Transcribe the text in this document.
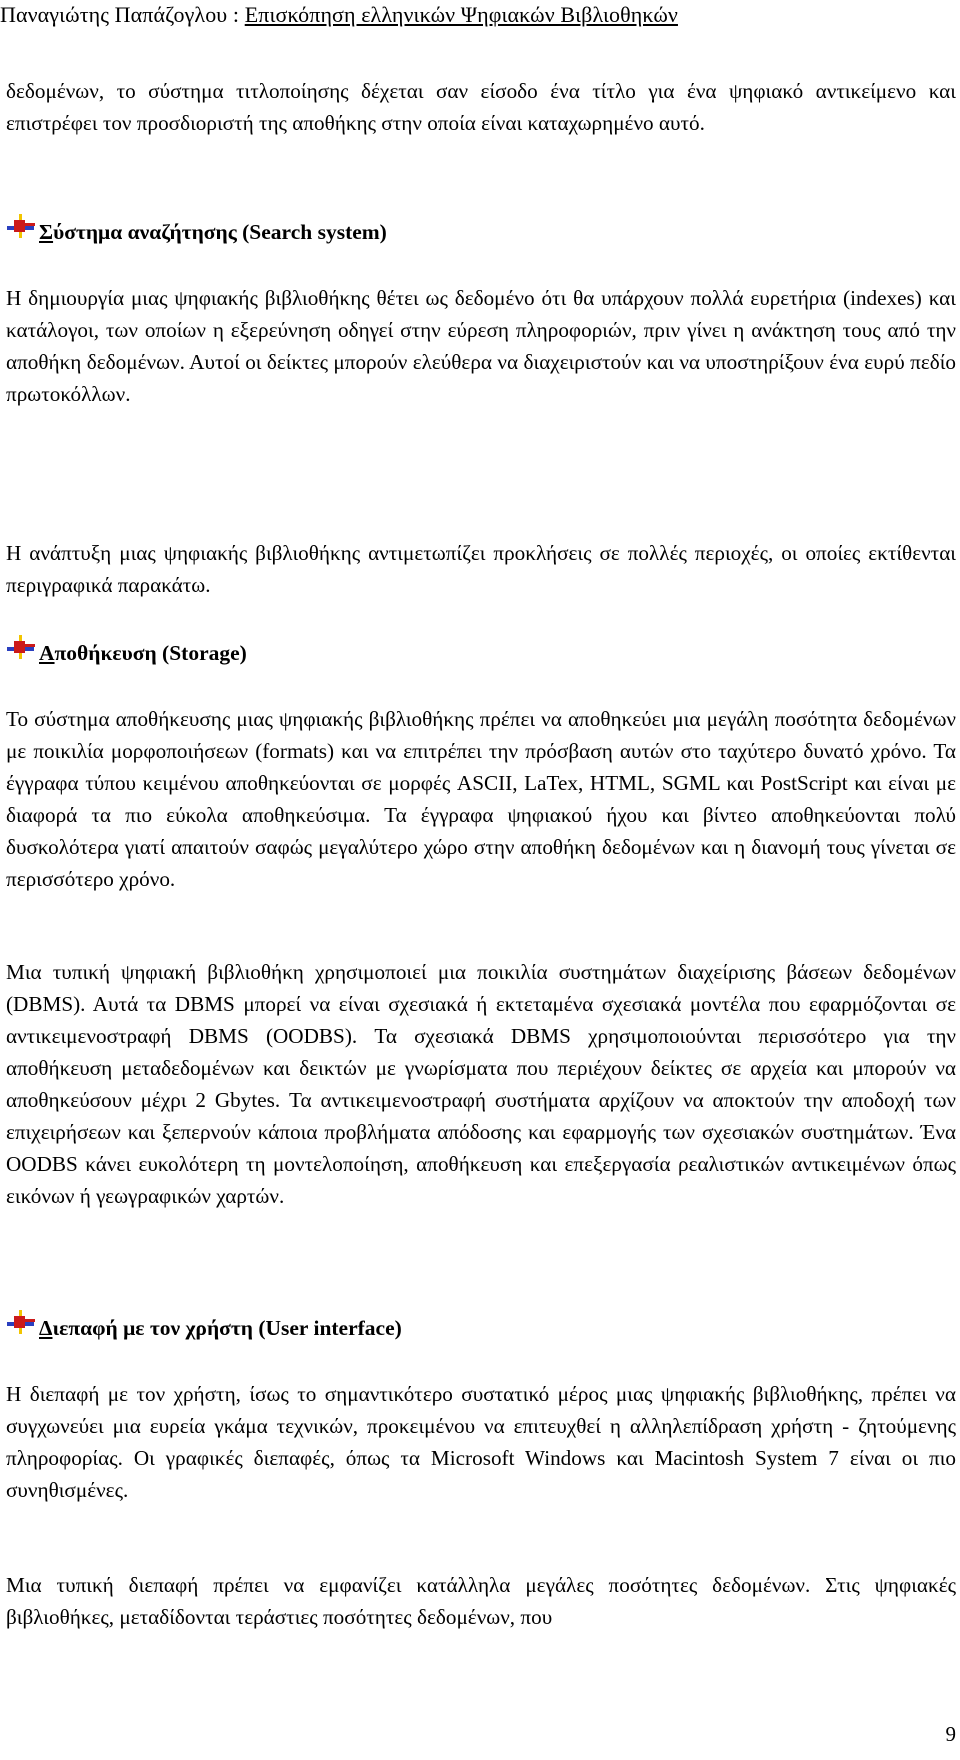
Παναγιώτης Παπάζογλου : Επισκόπηση ελληνικών Ψηφιακών Βιβλιοθηκών

δεδομένων, το σύστημα τιτλοποίησης δέχεται σαν είσοδο ένα τίτλο για ένα ψηφιακό αντικείμενο και επιστρέφει τον προσδιοριστή της αποθήκης στην οποία είναι καταχωρημένο αυτό.

Σύστημα αναζήτησης (Search system)

Η δημιουργία μιας ψηφιακής βιβλιοθήκης θέτει ως δεδομένο ότι θα υπάρχουν πολλά ευρετήρια (indexes) και κατάλογοι, των οποίων η εξερεύνηση οδηγεί στην εύρεση πληροφοριών, πριν γίνει η ανάκτηση τους από την αποθήκη δεδομένων. Αυτοί οι δείκτες μπορούν ελεύθερα να διαχειριστούν και να υποστηρίξουν ένα ευρύ πεδίο πρωτοκόλλων.

Η ανάπτυξη μιας ψηφιακής βιβλιοθήκης αντιμετωπίζει προκλήσεις σε πολλές περιοχές, οι οποίες εκτίθενται περιγραφικά παρακάτω.

Αποθήκευση (Storage)

Το σύστημα αποθήκευσης μιας ψηφιακής βιβλιοθήκης πρέπει να αποθηκεύει μια μεγάλη ποσότητα δεδομένων με ποικιλία μορφοποιήσεων (formats) και να επιτρέπει την πρόσβαση αυτών στο ταχύτερο δυνατό χρόνο. Τα έγγραφα τύπου κειμένου αποθηκεύονται σε μορφές ASCII, LaTex, HTML, SGML και PostScript και είναι με διαφορά τα πιο εύκολα αποθηκεύσιμα. Τα έγγραφα ψηφιακού ήχου και βίντεο αποθηκεύονται πολύ δυσκολότερα γιατί απαιτούν σαφώς μεγαλύτερο χώρο στην αποθήκη δεδομένων και η διανομή τους γίνεται σε περισσότερο χρόνο.

Μια τυπική ψηφιακή βιβλιοθήκη χρησιμοποιεί μια ποικιλία συστημάτων διαχείρισης βάσεων δεδομένων (DBMS). Αυτά τα DBMS μπορεί να είναι σχεσιακά ή εκτεταμένα σχεσιακά μοντέλα που εφαρμόζονται σε αντικειμενοστραφή DBMS (OODBS). Τα σχεσιακά DBMS χρησιμοποιούνται περισσότερο για την αποθήκευση μεταδεδομένων και δεικτών με γνωρίσματα που περιέχουν δείκτες σε αρχεία και μπορούν να αποθηκεύσουν μέχρι 2 Gbytes. Τα αντικειμενοστραφή συστήματα αρχίζουν να αποκτούν την αποδοχή των επιχειρήσεων και ξεπερνούν κάποια προβλήματα απόδοσης και εφαρμογής των σχεσιακών συστημάτων. Ένα OODBS κάνει ευκολότερη τη μοντελοποίηση, αποθήκευση και επεξεργασία ρεαλιστικών αντικειμένων όπως εικόνων ή γεωγραφικών χαρτών.

Διεπαφή με τον χρήστη (User interface)

Η διεπαφή με τον χρήστη, ίσως το σημαντικότερο συστατικό μέρος μιας ψηφιακής βιβλιοθήκης, πρέπει να συγχωνεύει μια ευρεία γκάμα τεχνικών, προκειμένου να επιτευχθεί η αλληλεπίδραση χρήστη - ζητούμενης πληροφορίας. Οι γραφικές διεπαφές, όπως τα Microsoft Windows και Macintosh System 7 είναι οι πιο συνηθισμένες.

Μια τυπική διεπαφή πρέπει να εμφανίζει κατάλληλα μεγάλες ποσότητες δεδομένων. Στις ψηφιακές βιβλιοθήκες, μεταδίδονται τεράστιες ποσότητες δεδομένων, που

9
